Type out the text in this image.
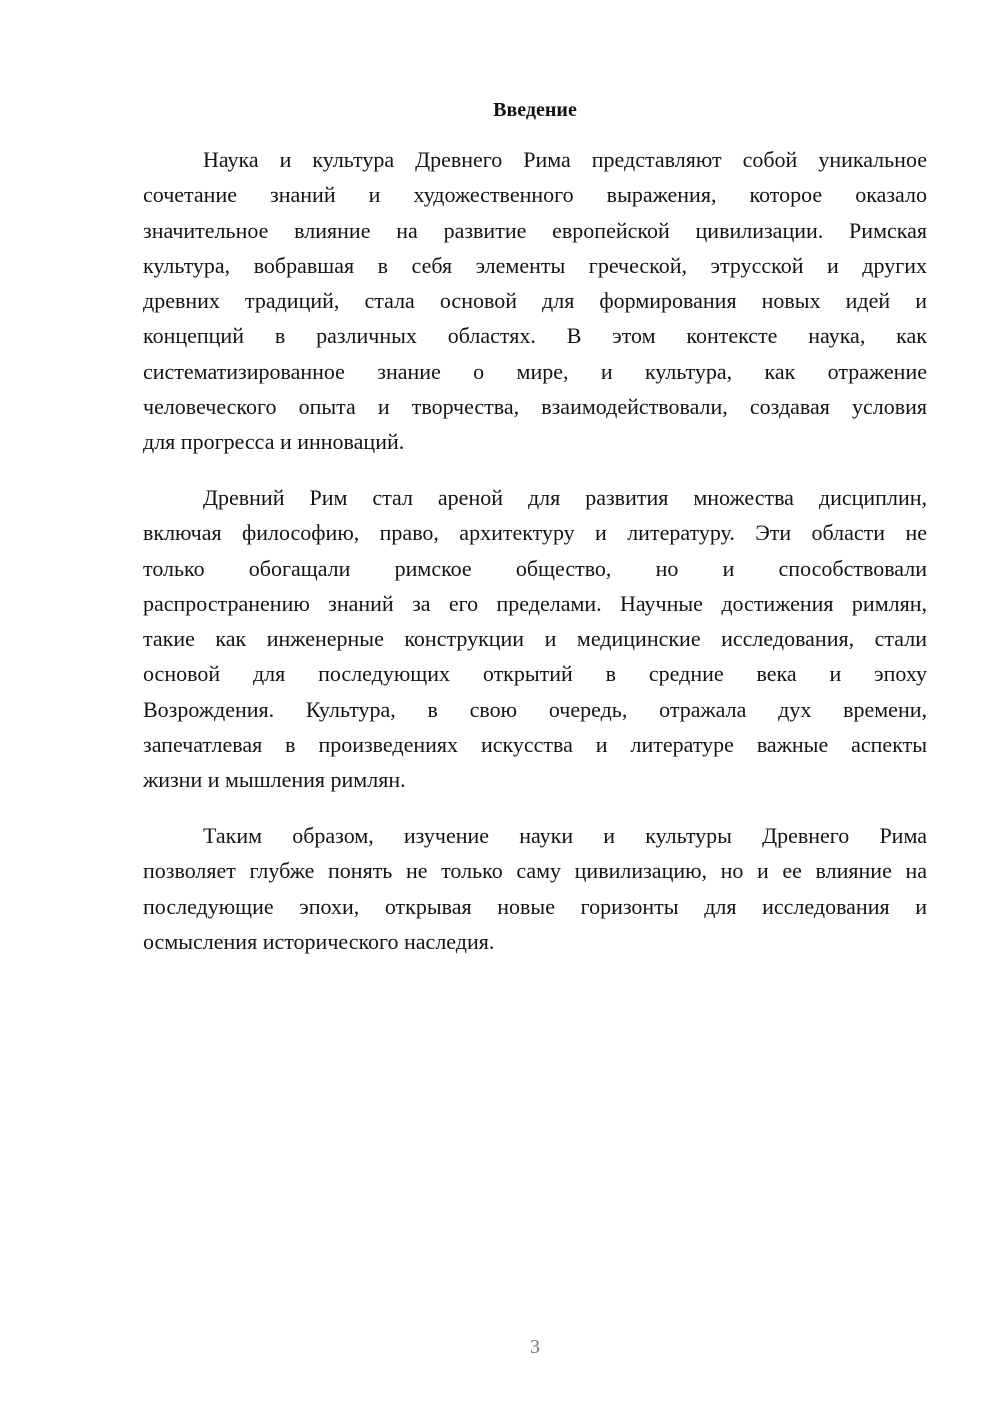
Введение
Наука и культура Древнего Рима представляют собой уникальное
сочетание знаний и художественного выражения, которое оказало
значительное влияние на развитие европейской цивилизации. Римская
культура, вобравшая в себя элементы греческой, этрусской и других
древних традиций, стала основой для формирования новых идей и
концепций в различных областях. В этом контексте наука, как
систематизированное знание о мире, и культура, как отражение
человеческого опыта и творчества, взаимодействовали, создавая условия
для прогресса и инноваций.
Древний Рим стал ареной для развития множества дисциплин,
включая философию, право, архитектуру и литературу. Эти области не
только обогащали римское общество, но и способствовали
распространению знаний за его пределами. Научные достижения римлян,
такие как инженерные конструкции и медицинские исследования, стали
основой для последующих открытий в средние века и эпоху
Возрождения. Культура, в свою очередь, отражала дух времени,
запечатлевая в произведениях искусства и литературе важные аспекты
жизни и мышления римлян.
Таким образом, изучение науки и культуры Древнего Рима
позволяет глубже понять не только саму цивилизацию, но и ее влияние на
последующие эпохи, открывая новые горизонты для исследования и
осмысления исторического наследия.
3
